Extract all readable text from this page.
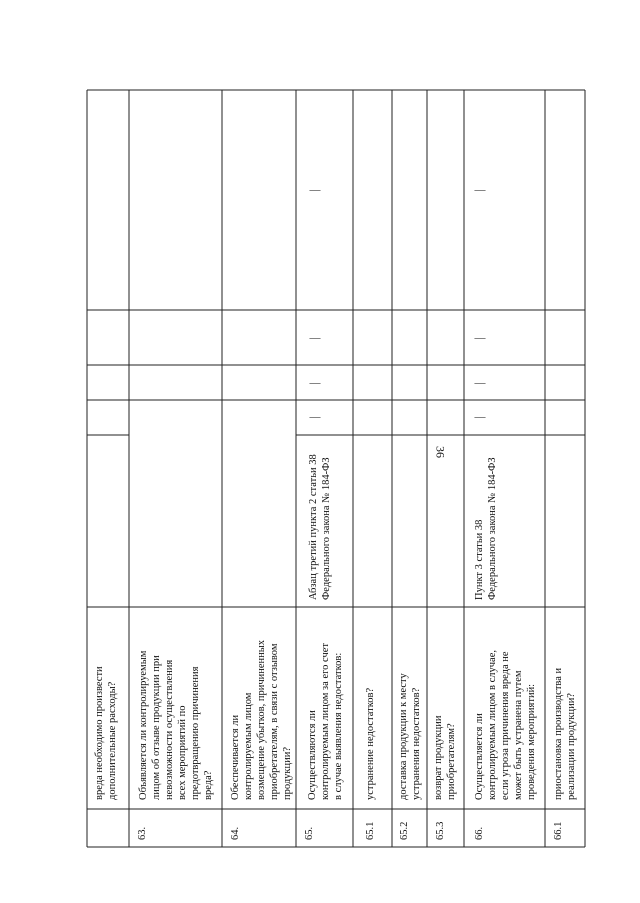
36
вреда необходимо произвести
дополнительные расходы?
63.
Объявляется ли контролируемым
лицом об отзыве продукции при
невозможности осуществления
всех мероприятий по
предотвращению причинения
вреда?
64.
Обеспечивается ли
контролируемым лицом
возмещение убытков, причиненных
приобретателям, в связи с отзывом
продукции?
65.
Осуществляются ли
контролируемым лицом за его счет
в случае выявления недостатков:
Абзац третий пункта 2 статьи 38
Федерального закона № 184-ФЗ
—
—
—
—
65.1
устранение недостатков?
65.2
доставка продукции к месту
устранения недостатков?
65.3
возврат продукции
приобретателям?
66.
Осуществляется ли
контролируемым лицом в случае,
если угроза причинения вреда не
может быть устранена путем
проведения мероприятий:
Пункт 3 статьи 38
Федерального закона № 184-ФЗ
—
—
—
—
66.1
приостановка производства и
реализации продукции?
